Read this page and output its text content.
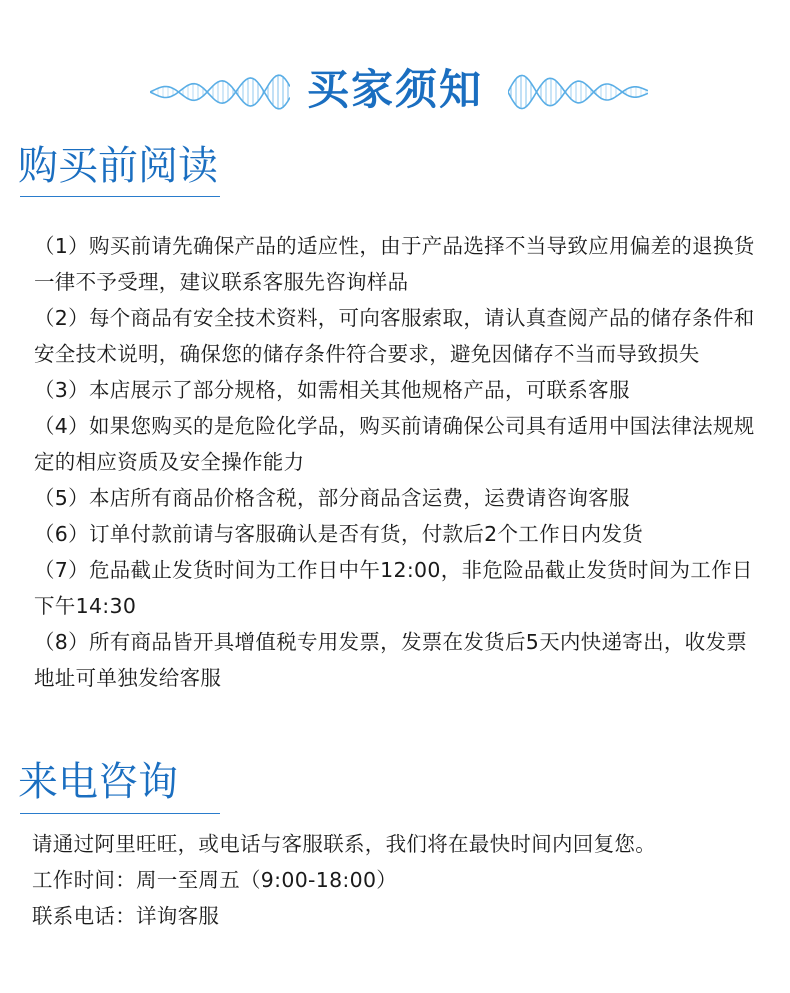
买家须知
购买前阅读
（1）购买前请先确保产品的适应性，由于产品选择不当导致应用偏差的退换货一律不予受理，建议联系客服先咨询样品
（2）每个商品有安全技术资料，可向客服索取，请认真查阅产品的储存条件和安全技术说明，确保您的储存条件符合要求，避免因储存不当而导致损失
（3）本店展示了部分规格，如需相关其他规格产品，可联系客服
（4）如果您购买的是危险化学品，购买前请确保公司具有适用中国法律法规规定的相应资质及安全操作能力
（5）本店所有商品价格含税，部分商品含运费，运费请咨询客服
（6）订单付款前请与客服确认是否有货，付款后2个工作日内发货
（7）危品截止发货时间为工作日中午12:00，非危险品截止发货时间为工作日下午14:30
（8）所有商品皆开具增值税专用发票，发票在发货后5天内快递寄出，收发票地址可单独发给客服
来电咨询
请通过阿里旺旺，或电话与客服联系，我们将在最快时间内回复您。
工作时间：周一至周五（9:00-18:00）
联系电话：详询客服
